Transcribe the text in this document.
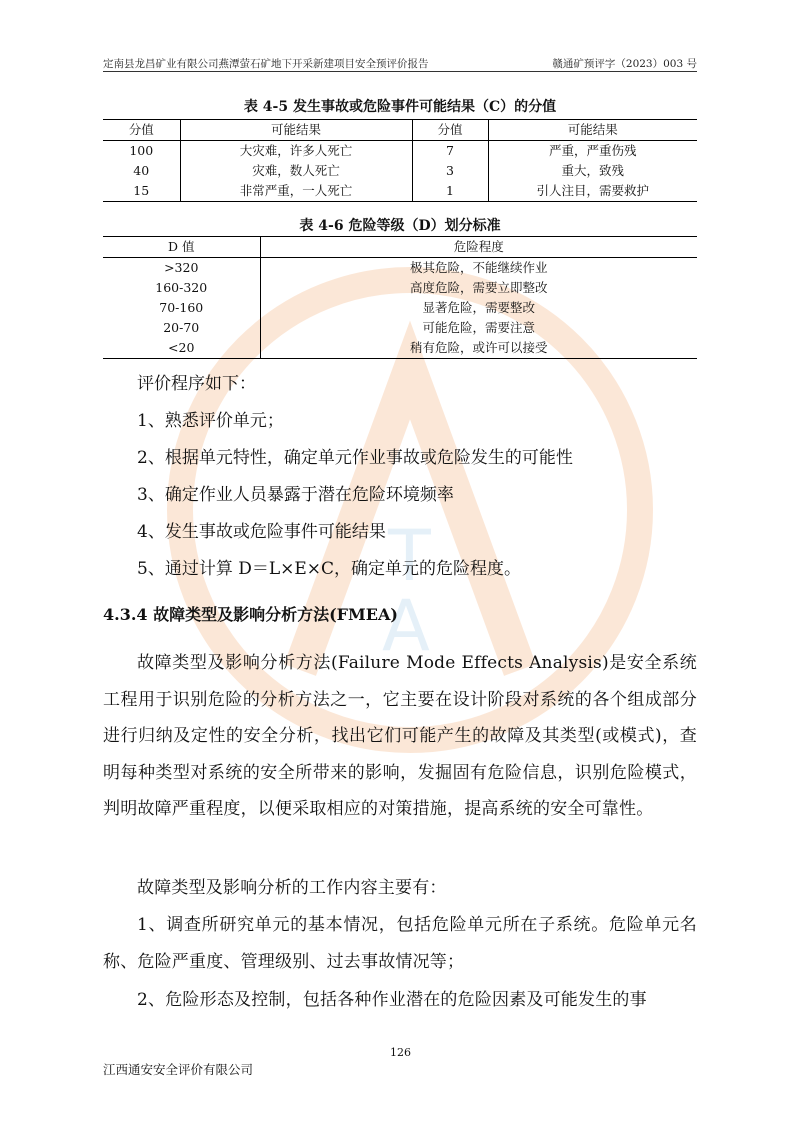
T
A
定南县龙昌矿业有限公司燕潭萤石矿地下开采新建项目安全预评价报告	赣通矿预评字（2023）003 号
表 4-5 发生事故或危险事件可能结果（C）的分值
分值	可能结果	分值	可能结果
100	大灾难，许多人死亡	7	严重，严重伤残
40	灾难，数人死亡	3	重大，致残
15	非常严重，一人死亡	1	引人注目，需要救护
表 4-6 危险等级（D）划分标准
D 值	危险程度
>320	极其危险，不能继续作业
160-320	高度危险，需要立即整改
70-160	显著危险，需要整改
20-70	可能危险，需要注意
<20	稍有危险，或许可以接受
评价程序如下：
1、熟悉评价单元；
2、根据单元特性，确定单元作业事故或危险发生的可能性
3、确定作业人员暴露于潜在危险环境频率
4、发生事故或危险事件可能结果
5、通过计算 D＝L×E×C，确定单元的危险程度。
4.3.4 故障类型及影响分析方法(FMEA)
故障类型及影响分析方法(Failure Mode Effects Analysis)是安全系统工程用于识别危险的分析方法之一，它主要在设计阶段对系统的各个组成部分进行归纳及定性的安全分析，找出它们可能产生的故障及其类型(或模式)，查明每种类型对系统的安全所带来的影响，发掘固有危险信息，识别危险模式，判明故障严重程度，以便采取相应的对策措施，提高系统的安全可靠性。
故障类型及影响分析的工作内容主要有：
1、调查所研究单元的基本情况，包括危险单元所在子系统。危险单元名称、危险严重度、管理级别、过去事故情况等；
2、危险形态及控制，包括各种作业潜在的危险因素及可能发生的事
126
江西通安安全评价有限公司
